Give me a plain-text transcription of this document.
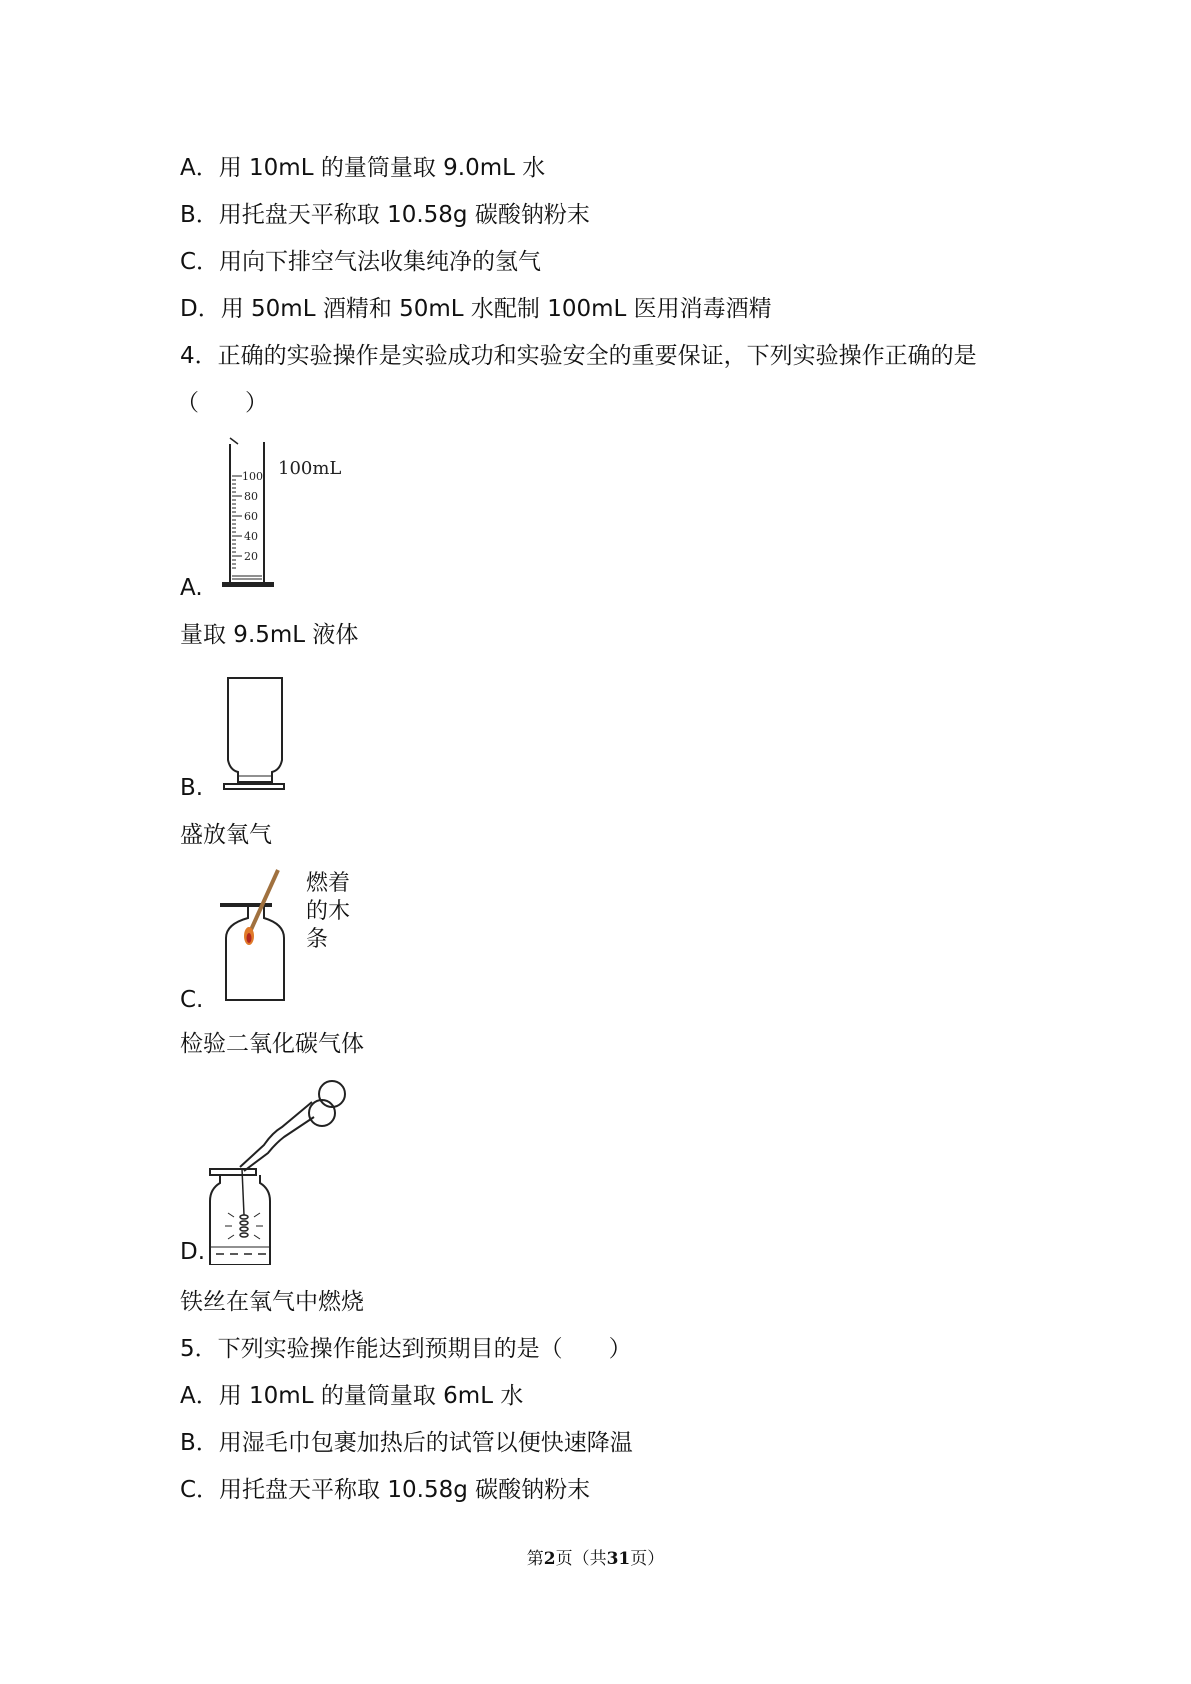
A．用 10mL 的量筒量取 9.0mL 水
B．用托盘天平称取 10.58g 碳酸钠粉末
C．用向下排空气法收集纯净的氢气
D．用 50mL 酒精和 50mL 水配制 100mL 医用消毒酒精
4．正确的实验操作是实验成功和实验安全的重要保证，下列实验操作正确的是
（　　）
100
80
60
40
20
100mL
A.
量取 9.5mL 液体
B.
盛放氧气
燃着
的木
条
C.
检验二氧化碳气体
D.
铁丝在氧气中燃烧
5．下列实验操作能达到预期目的是（　　）
A．用 10mL 的量筒量取 6mL 水
B．用湿毛巾包裹加热后的试管以便快速降温
C．用托盘天平称取 10.58g 碳酸钠粉末
第2页（共31页）
